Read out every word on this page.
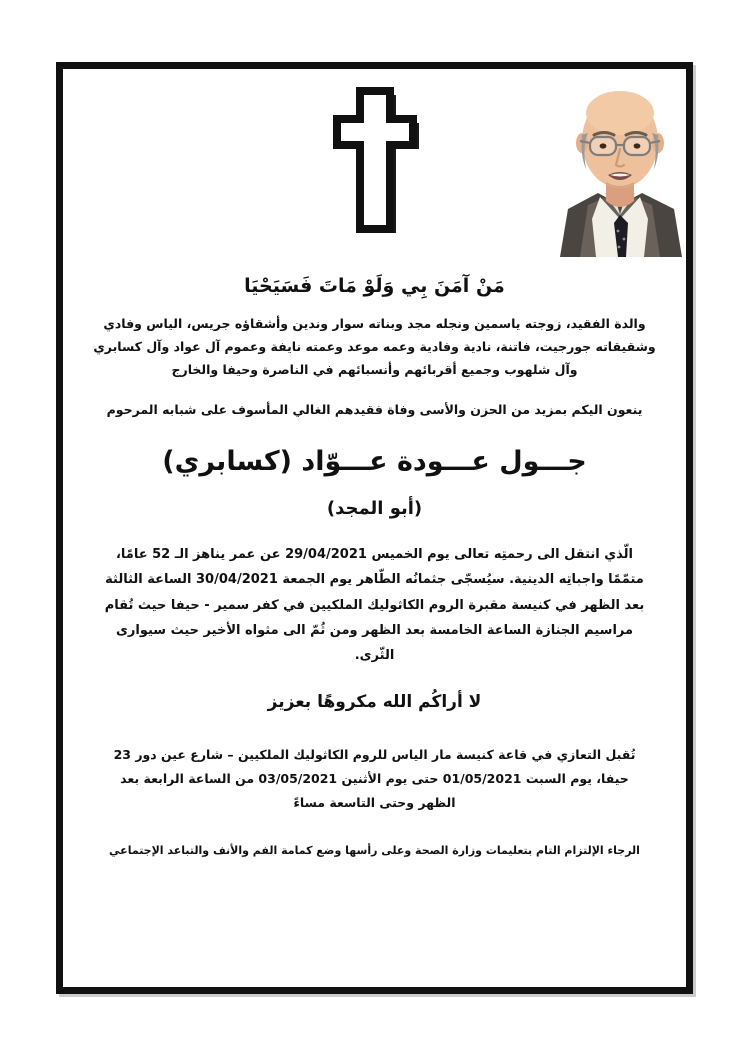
مَنْ آمَنَ بِي وَلَوْ مَاتَ فَسَيَحْيَا
والدة الفقيد، زوجته ياسمين ونجله مجد وبناته سوار وندين وأشقاؤه جريس، الياس وفادي وشقيقاته جورجيت، فاتنة، نادية وفادية وعمه موعد وعمته نايفة وعموم آل عواد وآل كسابري وآل شلهوب وجميع أقربائهم وأنسبائهم في الناصرة وحيفا والخارج
ينعون اليكم بمزيد من الحزن والأسى وفاة فقيدهم الغالي المأسوف على شبابه المرحوم
جـــول عـــودة عـــوّاد (كسابري)
(أبو المجد)
الّذي انتقل الى رحمتِه تعالى يوم الخميس 29/04/2021 عن عمر يناهز الـ 52 عامًا،
متمّمًا واجباتِه الدينية. سيُسجّى جثمانُه الطّاهر يوم الجمعة 30/04/2021 الساعة الثالثة
بعد الظهر في كنيسة مقبرة الروم الكاثوليك الملكيين في كفر سمير - حيفا حيث تُقام
مراسيم الجنازة الساعة الخامسة بعد الظهر ومن ثُمّ الى مثواه الأخير حيث سيوارى
الثّرى.
لا أراكُم الله مكروهًا بعزيز
تُقبل التعازي في قاعة كنيسة مار الياس للروم الكاثوليك الملكيين – شارع عين دور 23
حيفا، يوم السبت 01/05/2021 حتى يوم الأثنين 03/05/2021 من الساعة الرابعة بعد
الظهر وحتى التاسعة مساءً
الرجاء الإلتزام التام بتعليمات وزارة الصحة وعلى رأسها وضع كمامة الفم والأنف والتباعد الإجتماعي
